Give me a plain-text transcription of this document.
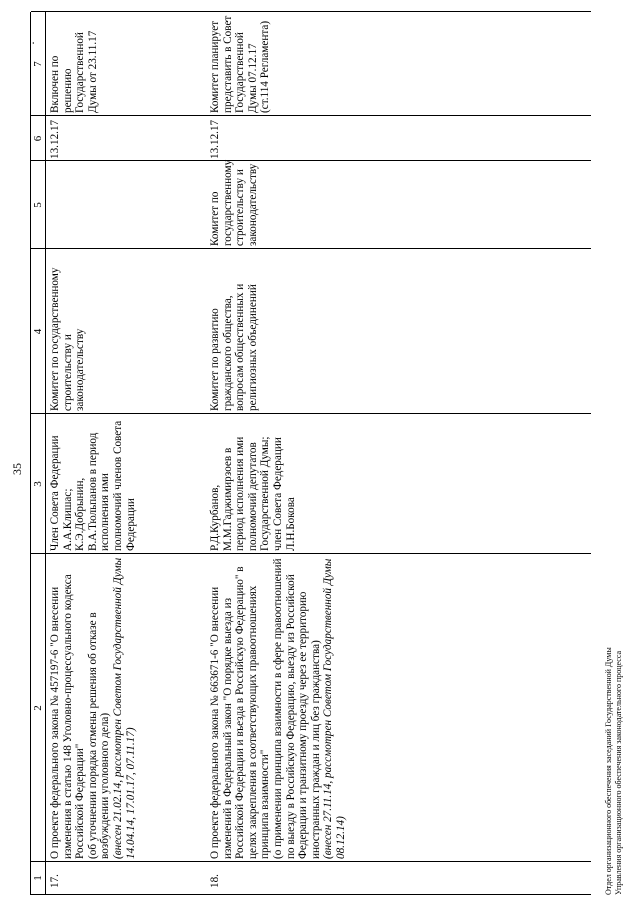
35
·
1
2
3
4
5
6
7
17.
О проекте федерального закона № 457197-6 "О внесении изменения в статью 148 Уголовно-процессуального кодекса Российской Федерации" (об уточнении порядка отмены решения об отказе в возбуждении уголовного дела) (внесен 21.02.14, рассмотрен Советом Государственной Думы 14.04.14, 17.01.17, 07.11.17)
Член Совета Федерации А.А.Клишас; К.Э.Добрынин, В.А.Тюльпанов в период исполнения ими полномочий членов Совета Федерации
Комитет по государственному строительству и законодательству
13.12.17
Включен по решению Государственной Думы от 23.11.17
18.
О проекте федерального закона № 663671-6 "О внесении изменений в Федеральный закон "О порядке выезда из Российской Федерации и въезда в Российскую Федерацию" в целях закрепления в соответствующих правоотношениях принципа взаимности" (о применении принципа взаимности в сфере правоотношений по выезду в Российскую Федерацию, выезду из Российской Федерации и транзитному проезду через ее территорию иностранных граждан и лиц без гражданства) (внесен 27.11.14, рассмотрен Советом Государственной Думы 08.12.14)
Р.Д.Курбанов, М.М.Гаджимирзоев в период исполнения ими полномочий депутатов Государственной Думы; член Совета Федерации Л.Н.Бокова
Комитет по развитию гражданского общества, вопросам общественных и религиозных объединений
Комитет по государственному строительству и законодательству
13.12.17
Комитет планирует представить в Совет Государственной Думы 07.12.17 (ст.114 Регламента)
Отдел организационного обеспечения заседаний Государственной Думы Управления организационного обеспечения законодательного процесса
